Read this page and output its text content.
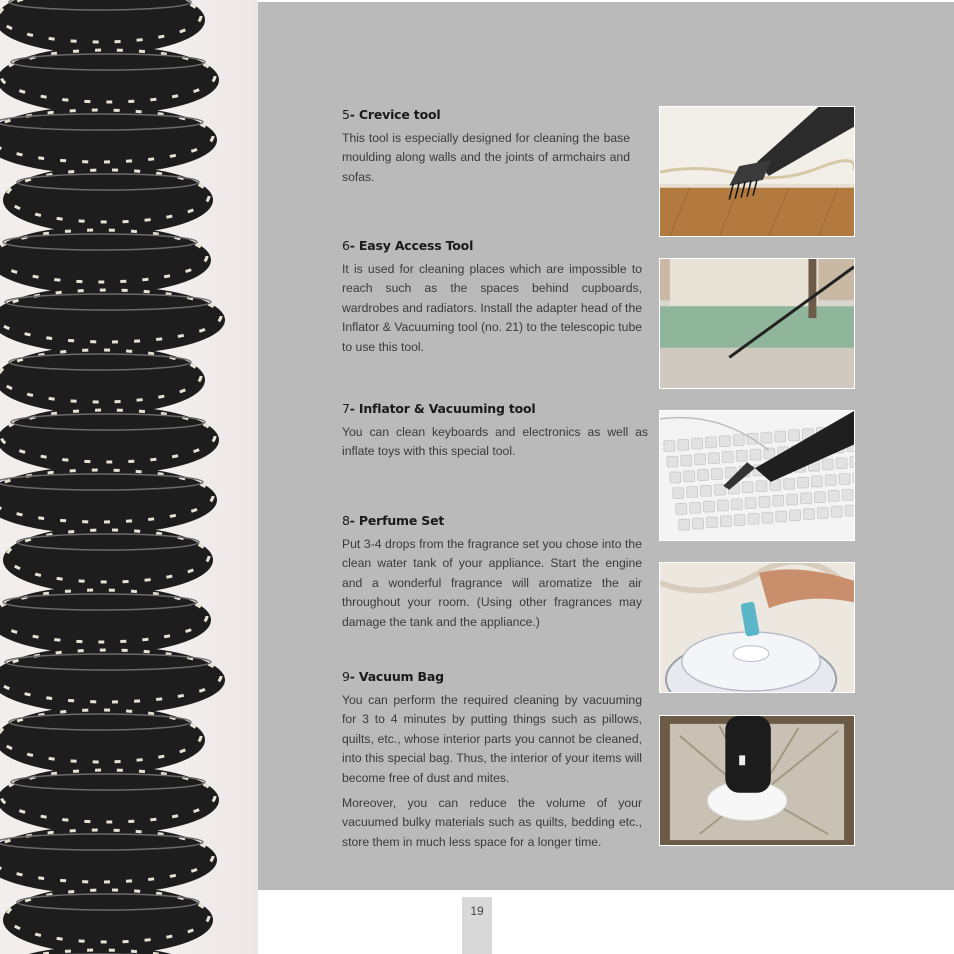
5- Crevice tool

This tool is especially designed for cleaning the base moulding along walls and the joints of armchairs and sofas.

6- Easy Access Tool

It is used for cleaning places which are impossible to reach such as the spaces behind cupboards, wardrobes and radiators. Install the adapter head of the Inflator & Vacuuming tool (no. 21) to the telescopic tube to use this tool.

7- Inflator & Vacuuming tool

You can clean keyboards and electronics as well as inflate toys with this special tool.

8- Perfume Set

Put 3-4 drops from the fragrance set you chose into the clean water tank of your appliance. Start the engine and a wonderful fragrance will aromatize the air throughout your room. (Using other fragrances may damage the tank and the appliance.)

9- Vacuum Bag

You can perform the required cleaning by vacuuming for 3 to 4 minutes by putting things such as pillows, quilts, etc., whose interior parts you cannot be cleaned, into this special bag. Thus, the interior of your items will become free of dust and mites.

Moreover, you can reduce the volume of your vacuumed bulky materials such as quilts, bedding etc., store them in much less space for a longer time.

19
